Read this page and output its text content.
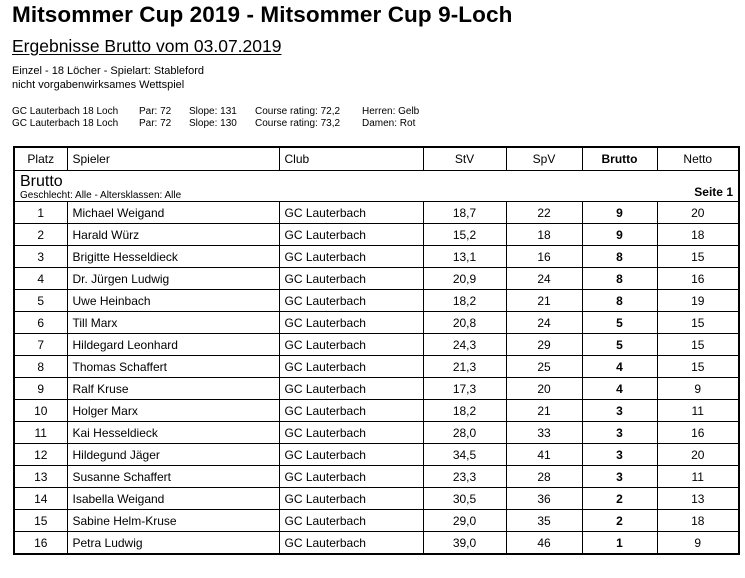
Mitsommer Cup 2019 - Mitsommer Cup 9-Loch
Ergebnisse Brutto vom 03.07.2019
Einzel - 18 Löcher - Spielart: Stableford
nicht vorgabenwirksames Wettspiel
GC Lauterbach 18 Loch	Par: 72	Slope: 131	Course rating: 72,2	Herren: Gelb
GC Lauterbach 18 Loch	Par: 72	Slope: 130	Course rating: 73,2	Damen: Rot
Platz	Spieler	Club	StV	SpV	Brutto	Netto

Brutto
Geschlecht: Alle - Altersklassen: Alle Seite 1						

1	Michael Weigand	GC Lauterbach	18,7	22	9	20
2	Harald Würz	GC Lauterbach	15,2	18	9	18
3	Brigitte Hesseldieck	GC Lauterbach	13,1	16	8	15
4	Dr. Jürgen Ludwig	GC Lauterbach	20,9	24	8	16
5	Uwe Heinbach	GC Lauterbach	18,2	21	8	19
6	Till Marx	GC Lauterbach	20,8	24	5	15
7	Hildegard Leonhard	GC Lauterbach	24,3	29	5	15
8	Thomas Schaffert	GC Lauterbach	21,3	25	4	15
9	Ralf Kruse	GC Lauterbach	17,3	20	4	9
10	Holger Marx	GC Lauterbach	18,2	21	3	11
11	Kai Hesseldieck	GC Lauterbach	28,0	33	3	16
12	Hildegund Jäger	GC Lauterbach	34,5	41	3	20
13	Susanne Schaffert	GC Lauterbach	23,3	28	3	11
14	Isabella Weigand	GC Lauterbach	30,5	36	2	13
15	Sabine Helm-Kruse	GC Lauterbach	29,0	35	2	18
16	Petra Ludwig	GC Lauterbach	39,0	46	1	9
